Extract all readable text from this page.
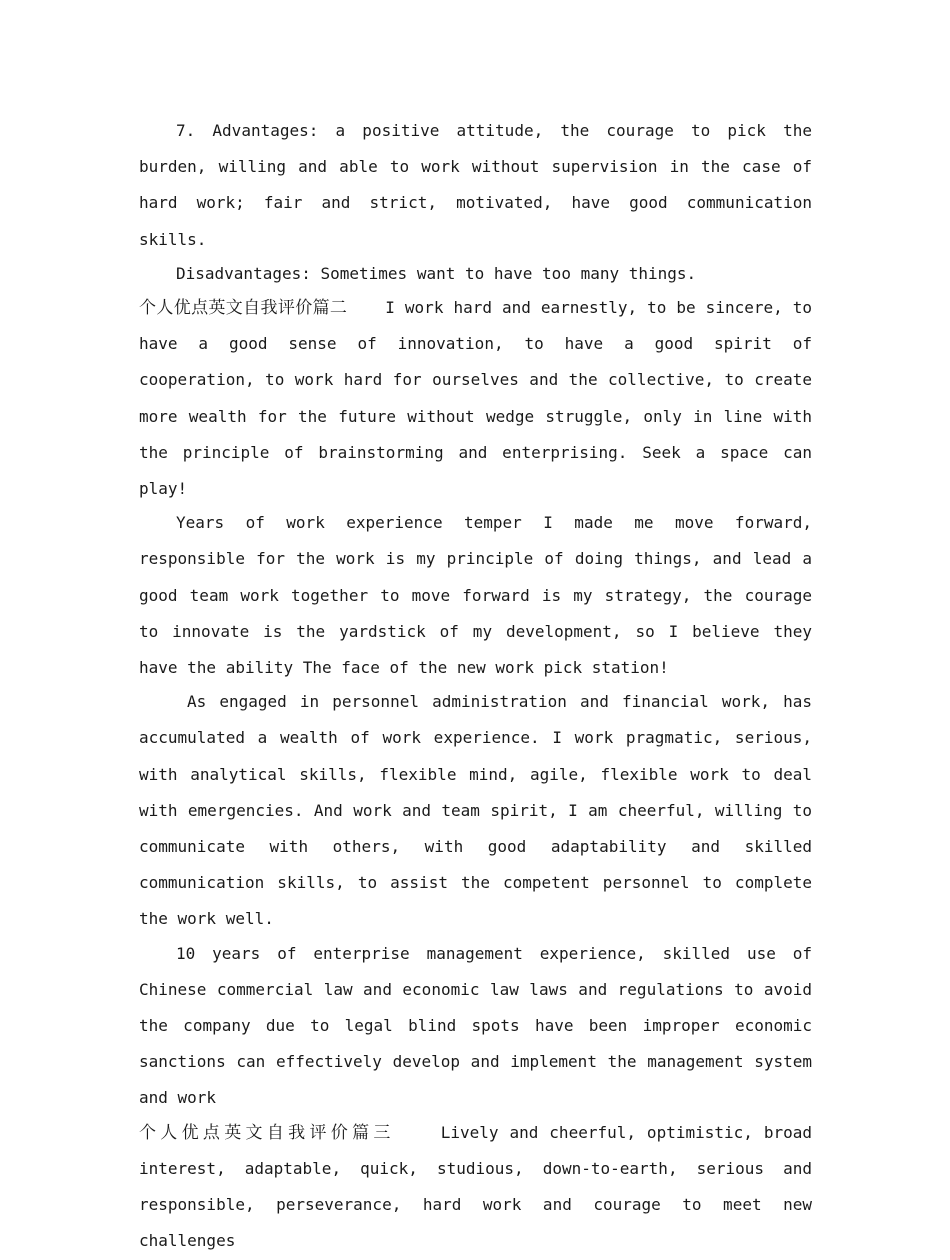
7. Advantages: a positive attitude, the courage to pick the burden, willing and able to work without supervision in the case of hard work; fair and strict, motivated, have good communication skills.

Disadvantages: Sometimes want to have too many things.

个人优点英文自我评价篇二 I work hard and earnestly, to be sincere, to have a good sense of innovation, to have a good spirit of cooperation, to work hard for ourselves and the collective, to create more wealth for the future without wedge struggle, only in line with the principle of brainstorming and enterprising. Seek a space can play!

Years of work experience temper I made me move forward, responsible for the work is my principle of doing things, and lead a good team work together to move forward is my strategy, the courage to innovate is the yardstick of my development, so I believe they have the ability The face of the new work pick station!

As engaged in personnel administration and financial work, has accumulated a wealth of work experience. I work pragmatic, serious, with analytical skills, flexible mind, agile, flexible work to deal with emergencies. And work and team spirit, I am cheerful, willing to communicate with others, with good adaptability and skilled communication skills, to assist the competent personnel to complete the work well.

10 years of enterprise management experience, skilled use of Chinese commercial law and economic law laws and regulations to avoid the company due to legal blind spots have been improper economic sanctions can effectively develop and implement the management system and work

个人优点英文自我评价篇三	Lively and cheerful, optimistic, broad interest, adaptable, quick, studious, down-to-earth, serious and responsible, perseverance, hard work and courage to meet new challenges
